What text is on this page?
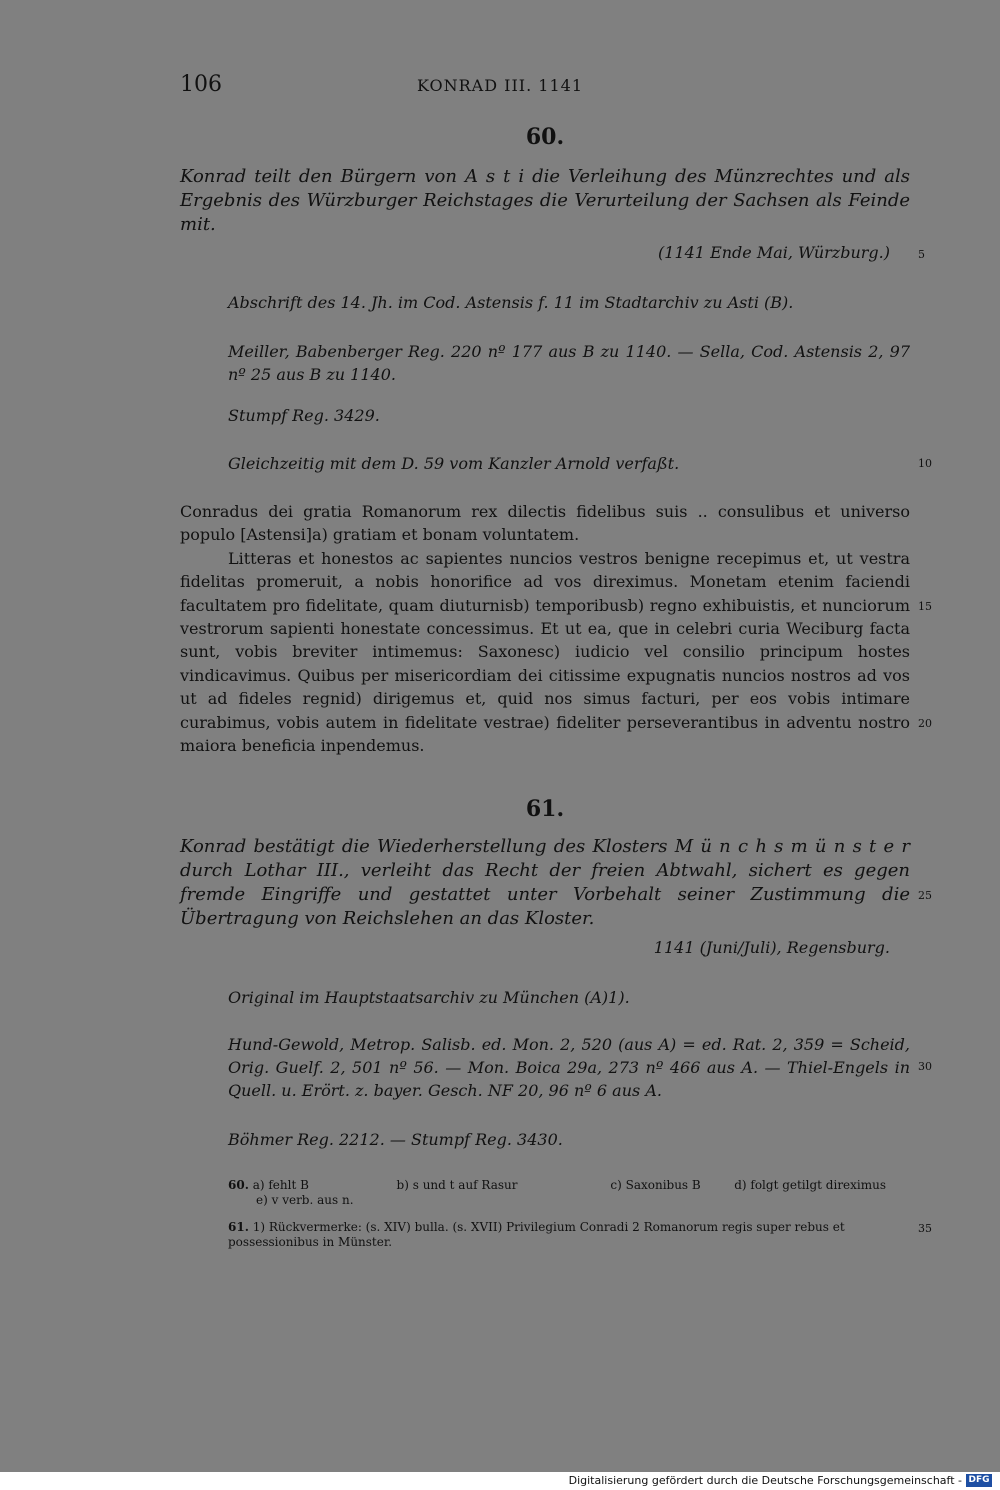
106	KONRAD III. 1141
60.
Konrad teilt den Bürgern von A s t i die Verleihung des Münzrechtes und als Ergebnis des Würzburger Reichstages die Verurteilung der Sachsen als Feinde mit.
(1141 Ende Mai, Würzburg.)
Abschrift des 14. Jh. im Cod. Astensis f. 11 im Stadtarchiv zu Asti (B).
Meiller, Babenberger Reg. 220 nº 177 aus B zu 1140. — Sella, Cod. Astensis 2, 97 nº 25 aus B zu 1140.
Stumpf Reg. 3429.
Gleichzeitig mit dem D. 59 vom Kanzler Arnold verfaßt.

Conradus dei gratia Romanorum rex dilectis fidelibus suis .. consulibus et universo populo [Astensi]a) gratiam et bonam voluntatem.

Litteras et honestos ac sapientes nuncios vestros benigne recepimus et, ut vestra fidelitas promeruit, a nobis honorifice ad vos direximus. Monetam etenim faciendi facultatem pro fidelitate, quam diuturnisb) temporibusb) regno exhibuistis, et nunciorum vestrorum sapienti honestate concessimus. Et ut ea, que in celebri curia Weciburg facta sunt, vobis breviter intimemus: Saxonesc) iudicio vel consilio principum hostes vindicavimus. Quibus per misericordiam dei citissime expugnatis nuncios nostros ad vos ut ad fideles regnid) dirigemus et, quid nos simus facturi, per eos vobis intimare curabimus, vobis autem in fidelitate vestrae) fideliter perseverantibus in adventu nostro maiora beneficia inpendemus.

61.
Konrad bestätigt die Wiederherstellung des Klosters M ü n c h s m ü n s t e r durch Lothar III., verleiht das Recht der freien Abtwahl, sichert es gegen fremde Eingriffe und gestattet unter Vorbehalt seiner Zustimmung die Übertragung von Reichslehen an das Kloster.
1141 (Juni/Juli), Regensburg.
Original im Hauptstaatsarchiv zu München (A)1).
Hund-Gewold, Metrop. Salisb. ed. Mon. 2, 520 (aus A) = ed. Rat. 2, 359 = Scheid, Orig. Guelf. 2, 501 nº 56. — Mon. Boica 29a, 273 nº 466 aus A. — Thiel-Engels in Quell. u. Erört. z. bayer. Gesch. NF 20, 96 nº 6 aus A.
Böhmer Reg. 2212. — Stumpf Reg. 3430.
60. a) fehlt B	b) s und t auf Rasur	c) Saxonibus B	d) folgt getilgt direximus
e) v verb. aus n.
61. 1) Rückvermerke: (s. XIV) bulla. (s. XVII) Privilegium Conradi 2 Romanorum regis super rebus et possessionibus in Münster.
5
10
15
20
25
30
35
Digitalisierung gefördert durch die Deutsche Forschungsgemeinschaft - DFG
